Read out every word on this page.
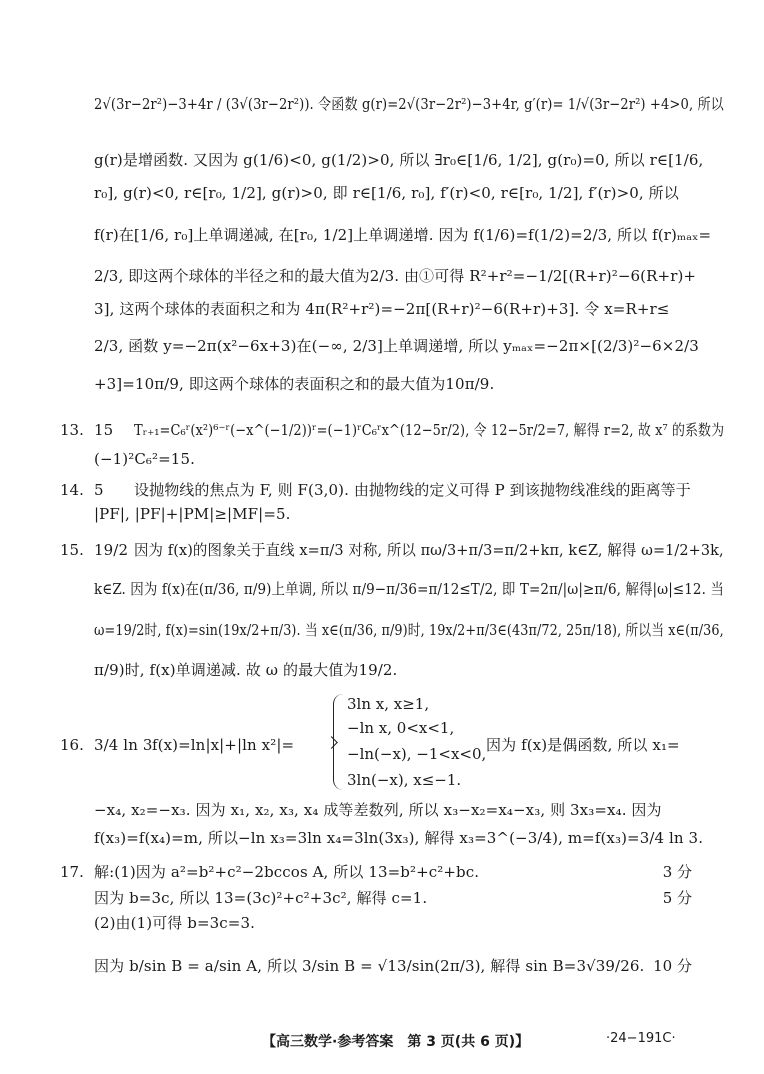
2√(3r−2r²)−3+4r / (3√(3r−2r²)). 令函数 g(r)=2√(3r−2r²)−3+4r, g′(r)= 1/√(3r−2r²) +4>0, 所以
g(r)是增函数. 又因为 g(1/6)<0, g(1/2)>0, 所以 ∃r₀∈[1/6, 1/2], g(r₀)=0, 所以 r∈[1/6,
r₀], g(r)<0, r∈[r₀, 1/2], g(r)>0, 即 r∈[1/6, r₀], f′(r)<0, r∈[r₀, 1/2], f′(r)>0, 所以
f(r)在[1/6, r₀]上单调递减, 在[r₀, 1/2]上单调递增. 因为 f(1/6)=f(1/2)=2/3, 所以 f(r)ₘₐₓ=
2/3, 即这两个球体的半径之和的最大值为2/3. 由①可得 R²+r²=−1/2[(R+r)²−6(R+r)+
3], 这两个球体的表面积之和为 4π(R²+r²)=−2π[(R+r)²−6(R+r)+3]. 令 x=R+r≤
2/3, 函数 y=−2π(x²−6x+3)在(−∞, 2/3]上单调递增, 所以 yₘₐₓ=−2π×[(2/3)²−6×2/3
+3]=10π/9, 即这两个球体的表面积之和的最大值为10π/9.
13. 15 Tᵣ₊₁=C₆ʳ(x²)⁶⁻ʳ(−x^(−1/2))ʳ=(−1)ʳC₆ʳx^(12−5r/2), 令 12−5r/2=7, 解得 r=2, 故 x⁷ 的系数为
(−1)²C₆²=15.
14. 5 设抛物线的焦点为 F, 则 F(3,0). 由抛物线的定义可得 P 到该抛物线准线的距离等于
|PF|, |PF|+|PM|≥|MF|=5.
15. 19/2 因为 f(x)的图象关于直线 x=π/3 对称, 所以 πω/3+π/3=π/2+kπ, k∈Z, 解得 ω=1/2+3k,
k∈Z. 因为 f(x)在(π/36, π/9)上单调, 所以 π/9−π/36=π/12≤T/2, 即 T=2π/|ω|≥π/6, 解得|ω|≤12. 当
ω=19/2时, f(x)=sin(19x/2+π/3). 当 x∈(π/36, π/9)时, 19x/2+π/3∈(43π/72, 25π/18), 所以当 x∈(π/36,
π/9)时, f(x)单调递减. 故 ω 的最大值为19/2.
16. 3/4 ln 3 f(x)=ln|x|+|ln x²|=
3ln x, x≥1,
−ln x, 0<x<1,
−ln(−x), −1<x<0,
3ln(−x), x≤−1.
因为 f(x)是偶函数, 所以 x₁=
−x₄, x₂=−x₃. 因为 x₁, x₂, x₃, x₄ 成等差数列, 所以 x₃−x₂=x₄−x₃, 则 3x₃=x₄. 因为
f(x₃)=f(x₄)=m, 所以−ln x₃=3ln x₄=3ln(3x₃), 解得 x₃=3^(−3/4), m=f(x₃)=3/4 ln 3.
17. 解:(1)因为 a²=b²+c²−2bccos A, 所以 13=b²+c²+bc.	3 分
因为 b=3c, 所以 13=(3c)²+c²+3c², 解得 c=1.	5 分
(2)由(1)可得 b=3c=3.
因为 b/sin B = a/sin A, 所以 3/sin B = √13/sin(2π/3), 解得 sin B=3√39/26. 10 分
【高三数学·参考答案　第 3 页(共 6 页)】	·24−191C·
